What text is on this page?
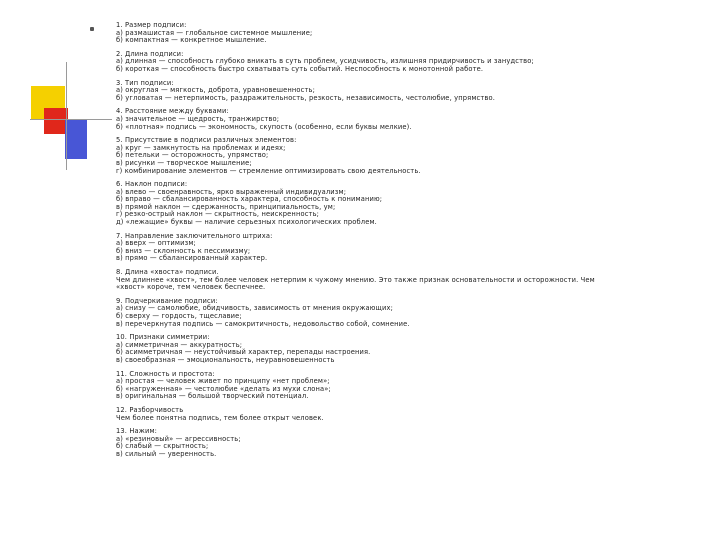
1. Размер подписи:
а) размашистая — глобальное системное мышление;
б) компактная — конкретное мышление.
2. Длина подписи:
а) длинная — способность глубоко вникать в суть проблем, усидчивость, излишняя придирчивость и занудство;
б) короткая — способность быстро схватывать суть событий. Неспособность к монотонной работе.
3. Тип подписи:
а) округлая — мягкость, доброта, уравновешенность;
б) угловатая — нетерпимость, раздражительность, резкость, независимость, честолюбие, упрямство.
4. Расстояние между буквами:
а) значительное — щедрость, транжирство;
б) «плотная» подпись — экономность, скупость (особенно, если буквы мелкие).
5. Присутствие в подписи различных элементов:
а) круг — замкнутость на проблемах и идеях;
б) петельки — осторожность, упрямство;
в) рисунки — творческое мышление;
г) комбинирование элементов — стремление оптимизировать свою деятельность.
6. Наклон подписи:
а) влево — своенравность, ярко выраженный индивидуализм;
б) вправо — сбалансированность характера, способность к пониманию;
в) прямой наклон — сдержанность, принципиальность, ум;
г) резко-острый наклон — скрытность, неискренность;
д) «лежащие» буквы — наличие серьезных психологических проблем.
7. Направление заключительного штриха:
а) вверх — оптимизм;
б) вниз — склонность к пессимизму;
в) прямо — сбалансированный характер.
8. Длина «хвоста» подписи.
Чем длиннее «хвост», тем более человек нетерпим к чужому мнению. Это также признак основательности и осторожности. Чем
«хвост» короче, тем человек беспечнее.
9. Подчеркивание подписи:
а) снизу — самолюбие, обидчивость, зависимость от мнения окружающих;
б) сверху — гордость, тщеславие;
в) перечеркнутая подпись — самокритичность, недовольство собой, сомнение.
10. Признаки симметрии:
а) симметричная — аккуратность;
б) асимметричная — неустойчивый характер, перепады настроения.
в) своеобразная — эмоциональность, неуравновешенность
11. Сложность и простота:
а) простая — человек живет по принципу «нет проблем»;
б) «нагруженная» — честолюбие «делать из мухи слона»;
в) оригинальная — большой творческий потенциал.
12. Разборчивость
Чем более понятна подпись, тем более открыт человек.
13. Нажим:
а) «резиновый» — агрессивность;
б) слабый — скрытность;
в) сильный — уверенность.
